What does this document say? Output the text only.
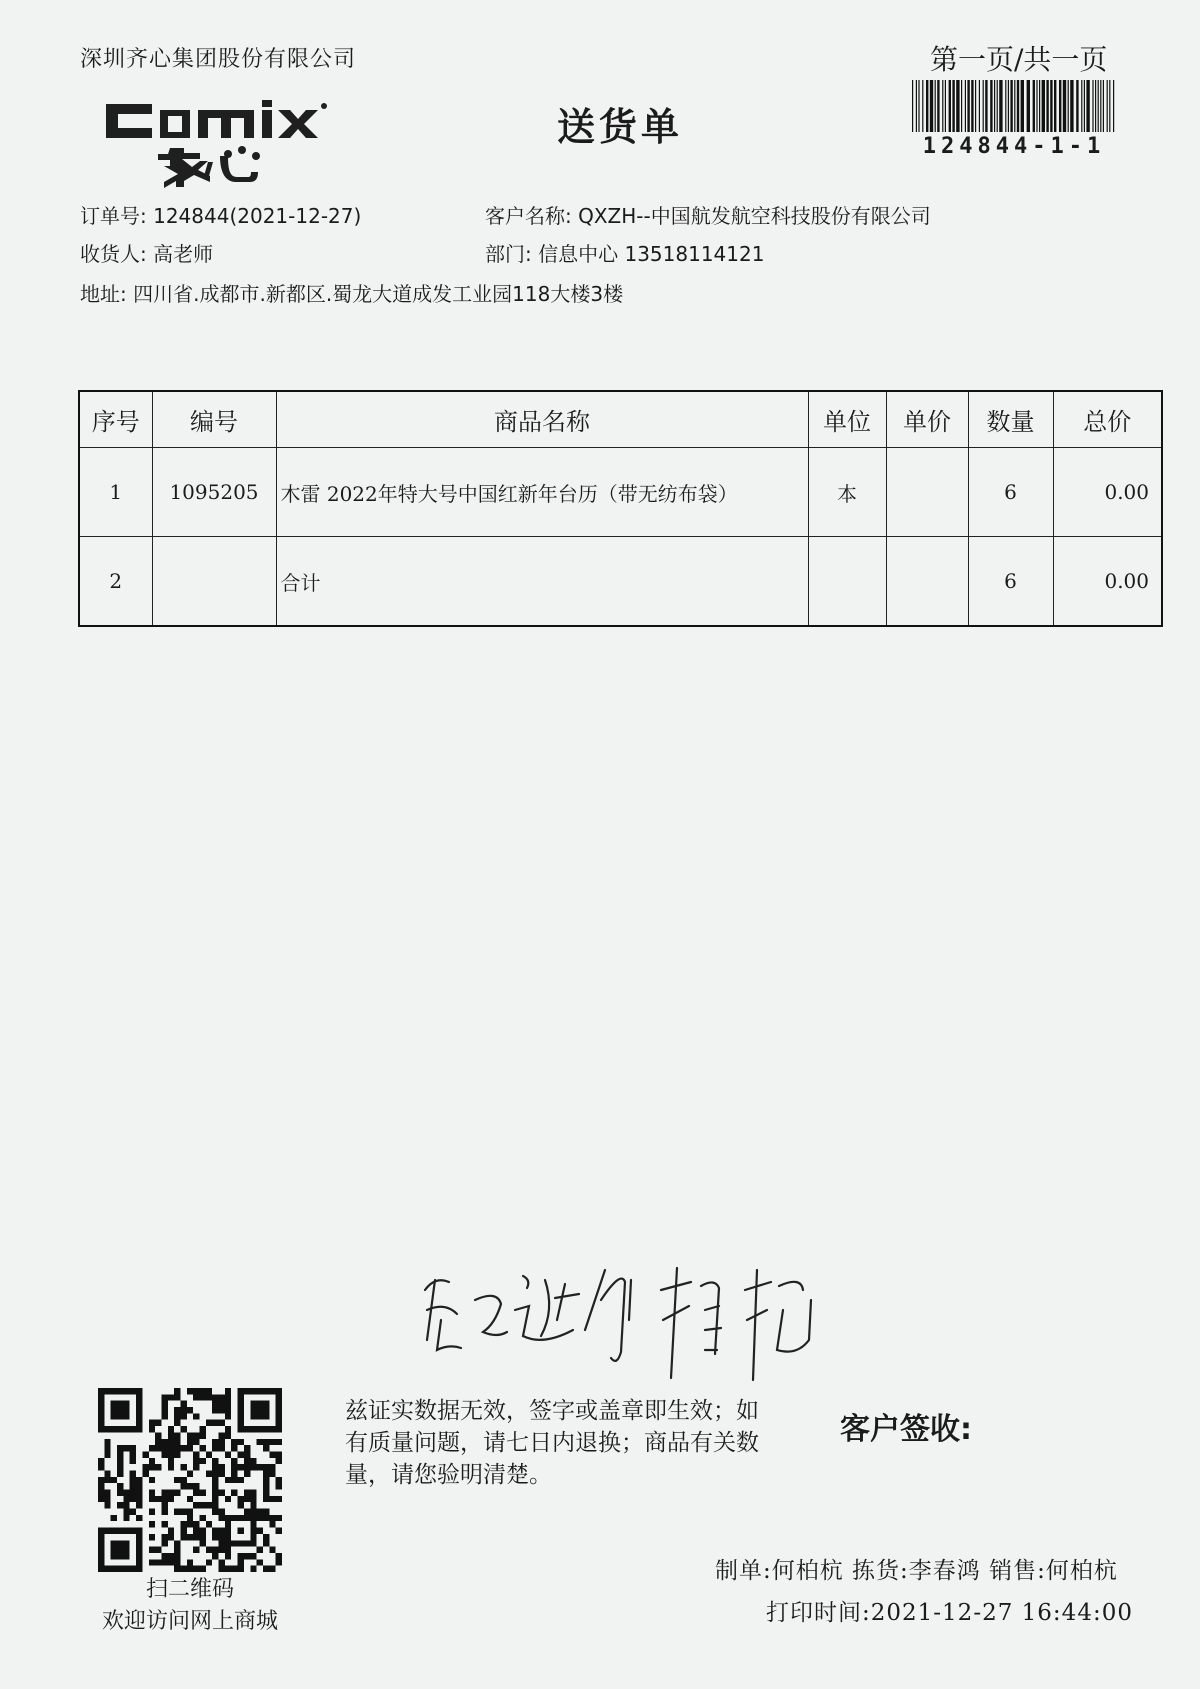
深圳齐心集团股份有限公司	第一页/共一页
124844-1-1
送货单
订单号: 124844(2021-12-27)	客户名称: QXZH--中国航发航空科技股份有限公司
收货人: 高老师	部门: 信息中心 13518114121
地址: 四川省.成都市.新都区.蜀龙大道成发工业园118大楼3楼
序号	编号	商品名称	单位	单价	数量	总价
1	1095205	木雷 2022年特大号中国红新年台历（带无纺布袋）	本		6	0.00
2		合计			6	0.00
扫二维码
欢迎访问网上商城
兹证实数据无效，签字或盖章即生效；如有质量问题，请七日内退换；商品有关数量，请您验明清楚。
客户签收:
制单:何柏杭 拣货:李春鸿 销售:何柏杭
打印时间:2021-12-27 16:44:00
